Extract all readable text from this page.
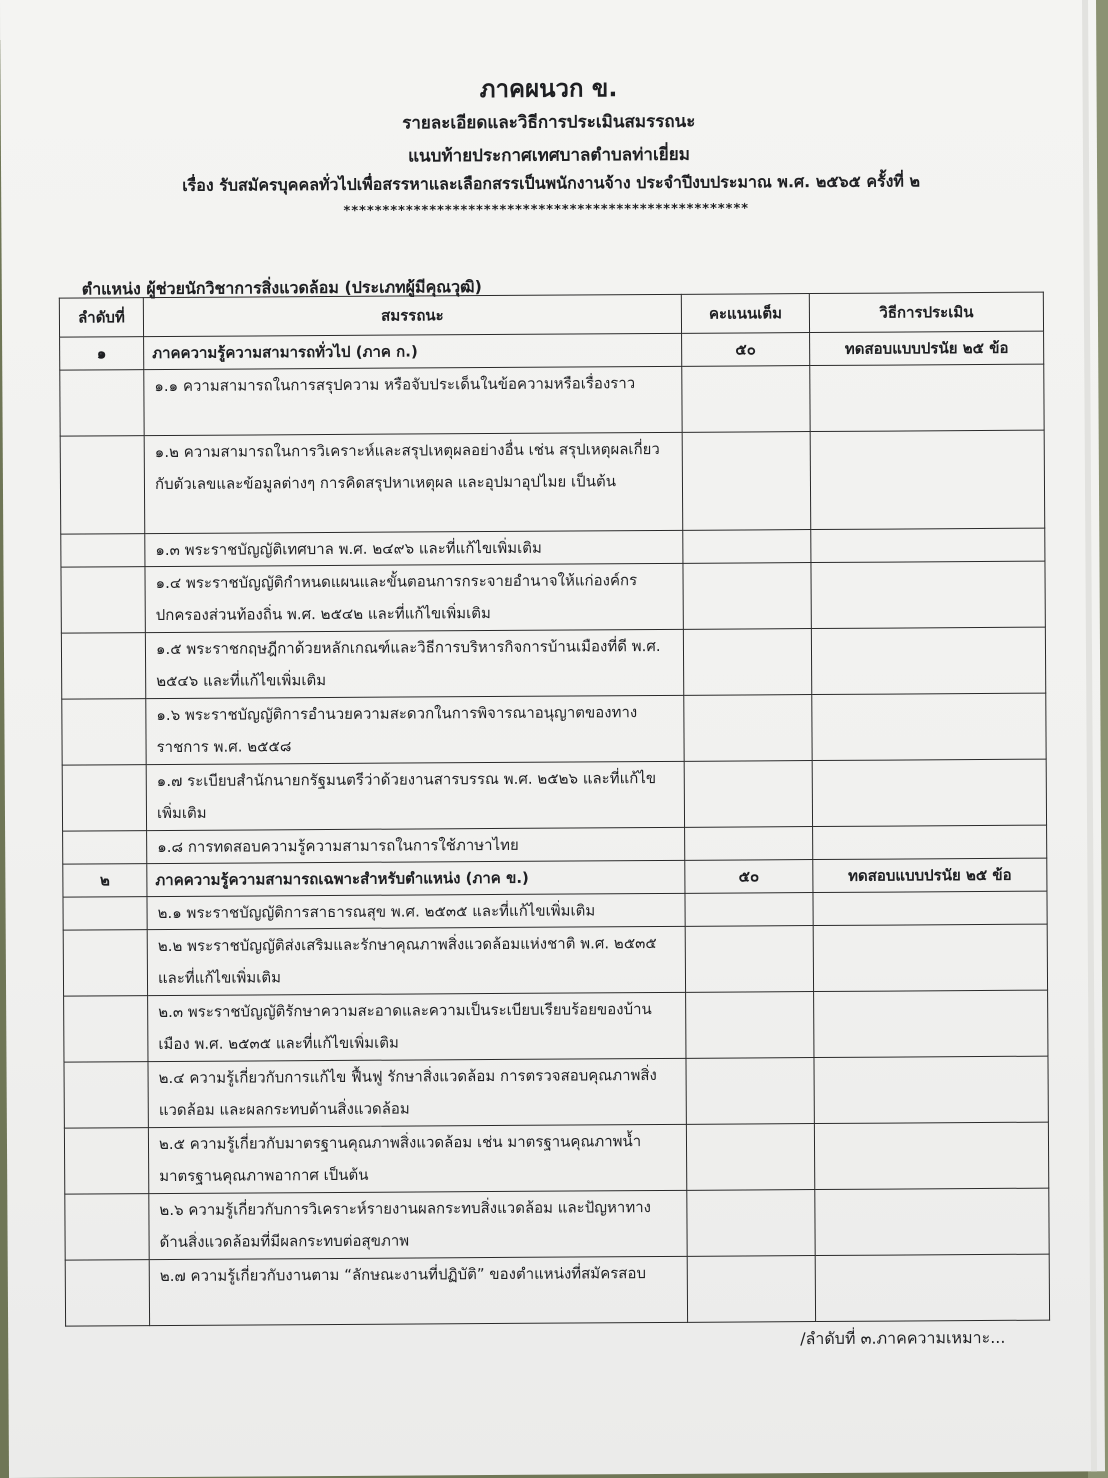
ภาคผนวก ข.
รายละเอียดและวิธีการประเมินสมรรถนะ
แนบท้ายประกาศเทศบาลตำบลท่าเยี่ยม
เรื่อง รับสมัครบุคคลทั่วไปเพื่อสรรหาและเลือกสรรเป็นพนักงานจ้าง ประจำปีงบประมาณ พ.ศ. ๒๕๖๕ ครั้งที่ ๒
****************************************************
ตำแหน่ง ผู้ช่วยนักวิชาการสิ่งแวดล้อม (ประเภทผู้มีคุณวุฒิ)
ลำดับที่	สมรรถนะ	คะแนนเต็ม	วิธีการประเมิน
๑	ภาคความรู้ความสามารถทั่วไป (ภาค ก.)	๕๐	ทดสอบแบบปรนัย ๒๕ ข้อ
	๑.๑ ความสามารถในการสรุปความ หรือจับประเด็นในข้อความหรือเรื่องราว		
	๑.๒ ความสามารถในการวิเคราะห์และสรุปเหตุผลอย่างอื่น เช่น สรุปเหตุผลเกี่ยวกับตัวเลขและข้อมูลต่างๆ การคิดสรุปหาเหตุผล และอุปมาอุปไมย เป็นต้น		
	๑.๓ พระราชบัญญัติเทศบาล พ.ศ. ๒๔๙๖ และที่แก้ไขเพิ่มเติม		
	๑.๔ พระราชบัญญัติกำหนดแผนและขั้นตอนการกระจายอำนาจให้แก่องค์กรปกครองส่วนท้องถิ่น พ.ศ. ๒๕๔๒ และที่แก้ไขเพิ่มเติม		
	๑.๕ พระราชกฤษฎีกาด้วยหลักเกณฑ์และวิธีการบริหารกิจการบ้านเมืองที่ดี พ.ศ. ๒๕๔๖ และที่แก้ไขเพิ่มเติม		
	๑.๖ พระราชบัญญัติการอำนวยความสะดวกในการพิจารณาอนุญาตของทางราชการ พ.ศ. ๒๕๕๘		
	๑.๗ ระเบียบสำนักนายกรัฐมนตรีว่าด้วยงานสารบรรณ พ.ศ. ๒๕๒๖ และที่แก้ไขเพิ่มเติม		
	๑.๘ การทดสอบความรู้ความสามารถในการใช้ภาษาไทย		
๒	ภาคความรู้ความสามารถเฉพาะสำหรับตำแหน่ง (ภาค ข.)	๕๐	ทดสอบแบบปรนัย ๒๕ ข้อ
	๒.๑ พระราชบัญญัติการสาธารณสุข พ.ศ. ๒๕๓๕ และที่แก้ไขเพิ่มเติม		
	๒.๒ พระราชบัญญัติส่งเสริมและรักษาคุณภาพสิ่งแวดล้อมแห่งชาติ พ.ศ. ๒๕๓๕ และที่แก้ไขเพิ่มเติม		
	๒.๓ พระราชบัญญัติรักษาความสะอาดและความเป็นระเบียบเรียบร้อยของบ้านเมือง พ.ศ. ๒๕๓๕ และที่แก้ไขเพิ่มเติม		
	๒.๔ ความรู้เกี่ยวกับการแก้ไข ฟื้นฟู รักษาสิ่งแวดล้อม การตรวจสอบคุณภาพสิ่งแวดล้อม และผลกระทบด้านสิ่งแวดล้อม		
	๒.๕ ความรู้เกี่ยวกับมาตรฐานคุณภาพสิ่งแวดล้อม เช่น มาตรฐานคุณภาพน้ำ มาตรฐานคุณภาพอากาศ เป็นต้น		
	๒.๖ ความรู้เกี่ยวกับการวิเคราะห์รายงานผลกระทบสิ่งแวดล้อม และปัญหาทางด้านสิ่งแวดล้อมที่มีผลกระทบต่อสุขภาพ		
	๒.๗ ความรู้เกี่ยวกับงานตาม “ลักษณะงานที่ปฏิบัติ” ของตำแหน่งที่สมัครสอบ		
/ลำดับที่ ๓.ภาคความเหมาะ...
